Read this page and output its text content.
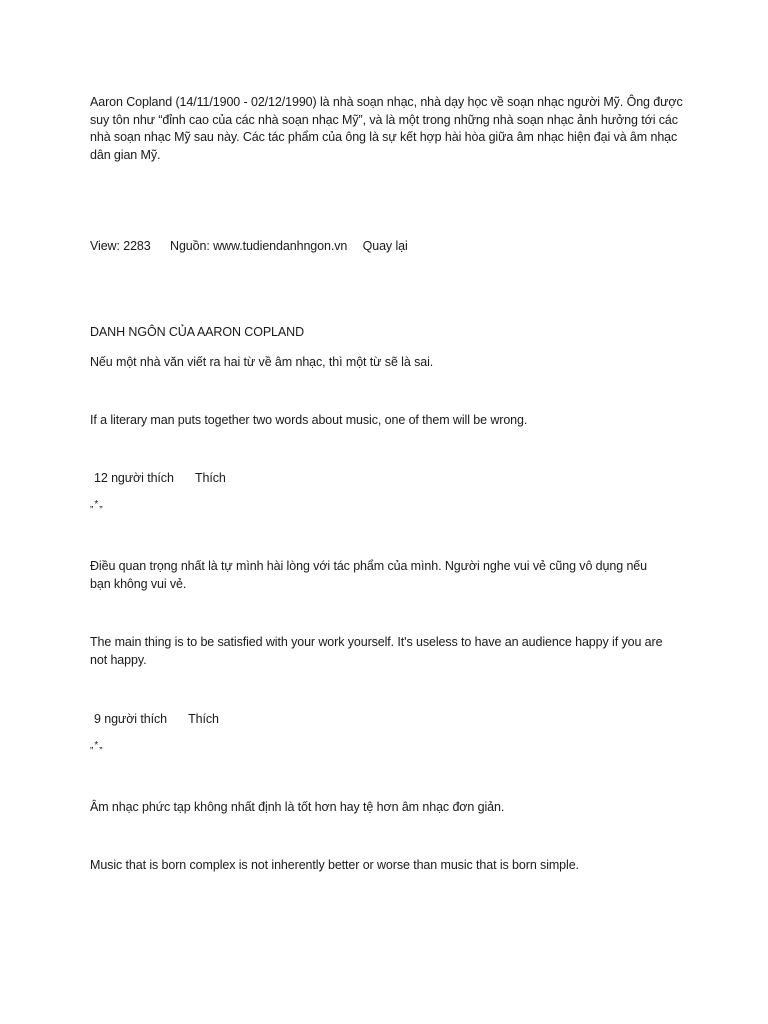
Aaron Copland (14/11/1900 - 02/12/1990) là nhà soạn nhạc, nhà dạy học về soạn nhạc người Mỹ. Ông được suy tôn như “đỉnh cao của các nhà soạn nhạc Mỹ”, và là một trong những nhà soạn nhạc ảnh hưởng tới các nhà soạn nhạc Mỹ sau này. Các tác phẩm của ông là sự kết hợp hài hòa giữa âm nhạc hiện đại và âm nhạc dân gian Mỹ.
View: 2283 Nguồn: www.tudiendanhngon.vn Quay lại
DANH NGÔN CỦA AARON COPLAND
Nếu một nhà văn viết ra hai từ về âm nhạc, thì một từ sẽ là sai.
If a literary man puts together two words about music, one of them will be wrong.
12 người thích Thích
„*„
Điều quan trọng nhất là tự mình hài lòng với tác phẩm của mình. Người nghe vui vẻ cũng vô dụng nếu bạn không vui vẻ.
The main thing is to be satisfied with your work yourself. It's useless to have an audience happy if you are not happy.
9 người thích Thích
„*„
Âm nhạc phức tạp không nhất định là tốt hơn hay tệ hơn âm nhạc đơn giản.
Music that is born complex is not inherently better or worse than music that is born simple.
